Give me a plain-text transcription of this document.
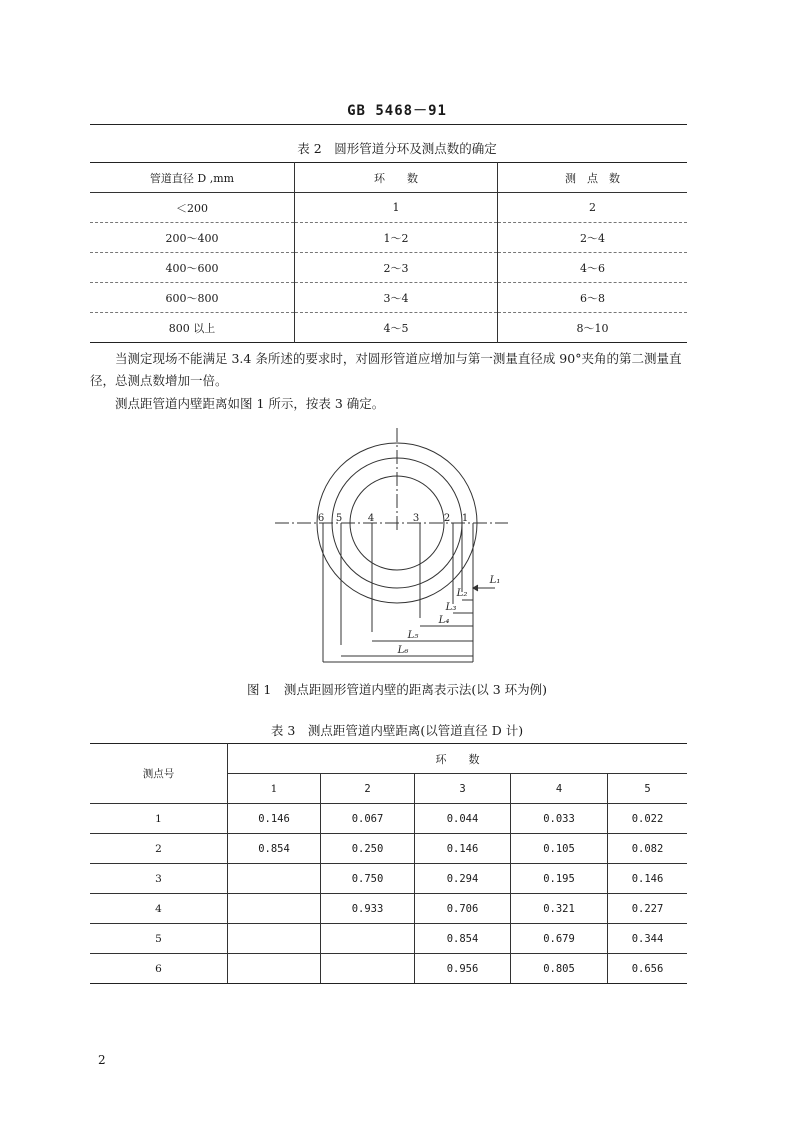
GB 5468－91
表 2　圆形管道分环及测点数的确定
管道直径 D ,mm	环　　数	测　点　数
＜200	1	2
200～400	1～2	2～4
400～600	2～3	4～6
600～800	3～4	6～8
800 以上	4～5	8～10
当测定现场不能满足 3.4 条所述的要求时，对圆形管道应增加与第一测量直径成 90°夹角的第二测量直径，总测点数增加一倍。
测点距管道内壁距离如图 1 所示，按表 3 确定。
6 5	4	3 2 1
L₁
L₂
L₃
L₄
L₅
L₆
图 1　测点距圆形管道内壁的距离表示法(以 3 环为例)
表 3　测点距管道内壁距离(以管道直径 D 计)
测点号	环　　数				
	1	2	3	4	5
1	0.146	0.067	0.044	0.033	0.022
2	0.854	0.250	0.146	0.105	0.082
3		0.750	0.294	0.195	0.146
4		0.933	0.706	0.321	0.227
5			0.854	0.679	0.344
6			0.956	0.805	0.656
2
